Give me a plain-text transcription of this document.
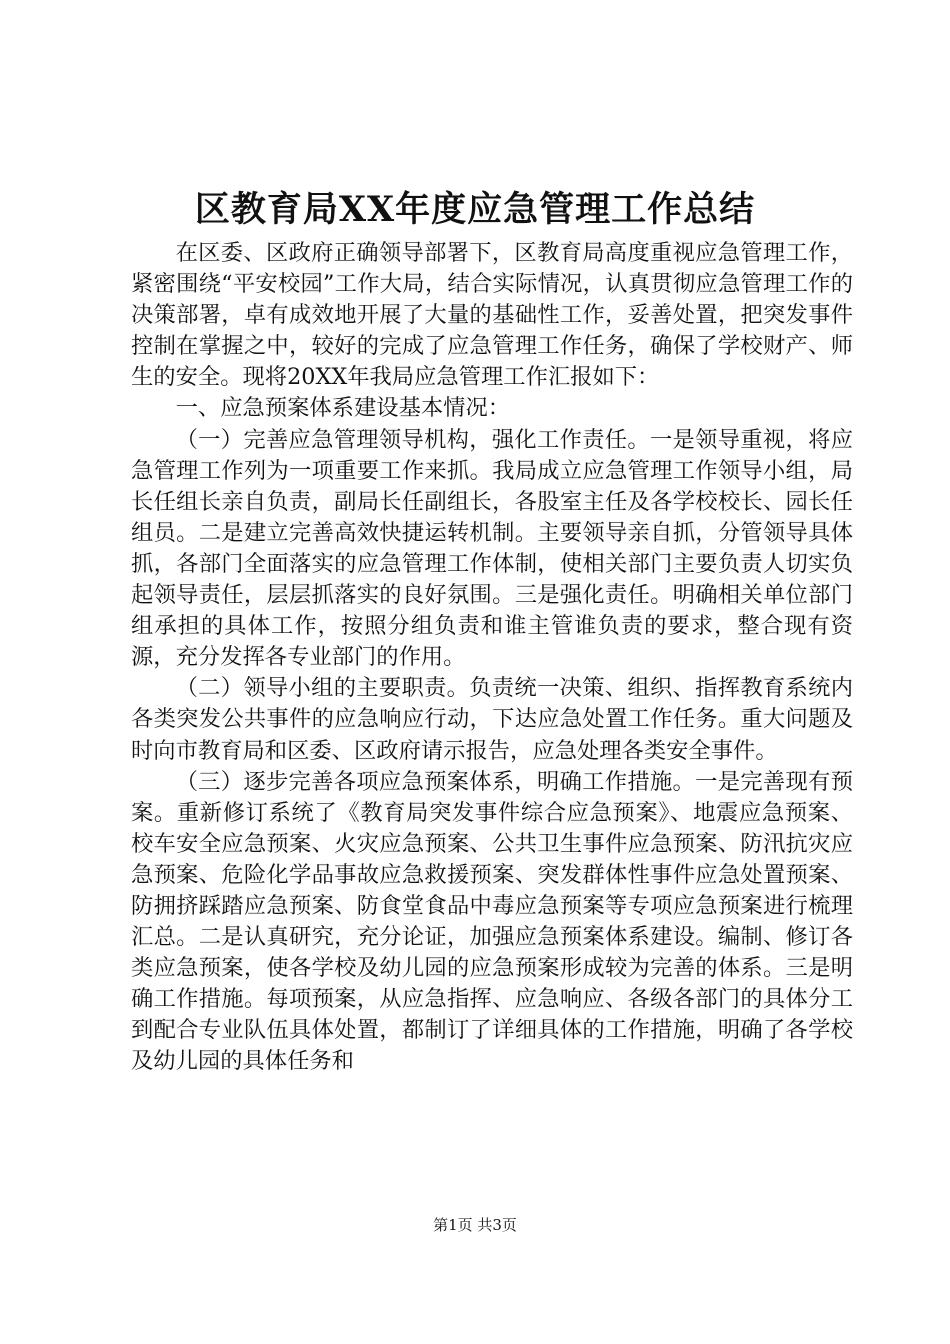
区教育局XX年度应急管理工作总结

在区委、区政府正确领导部署下，区教育局高度重视应急管理工作，紧密围绕“平安校园”工作大局，结合实际情况，认真贯彻应急管理工作的决策部署，卓有成效地开展了大量的基础性工作，妥善处置，把突发事件控制在掌握之中，较好的完成了应急管理工作任务，确保了学校财产、师生的安全。现将20XX年我局应急管理工作汇报如下：

一、应急预案体系建设基本情况：

（一）完善应急管理领导机构，强化工作责任。一是领导重视，将应急管理工作列为一项重要工作来抓。我局成立应急管理工作领导小组，局长任组长亲自负责，副局长任副组长，各股室主任及各学校校长、园长任组员。二是建立完善高效快捷运转机制。主要领导亲自抓，分管领导具体抓，各部门全面落实的应急管理工作体制，使相关部门主要负责人切实负起领导责任，层层抓落实的良好氛围。三是强化责任。明确相关单位部门组承担的具体工作，按照分组负责和谁主管谁负责的要求，整合现有资源，充分发挥各专业部门的作用。

（二）领导小组的主要职责。负责统一决策、组织、指挥教育系统内各类突发公共事件的应急响应行动，下达应急处置工作任务。重大问题及时向市教育局和区委、区政府请示报告，应急处理各类安全事件。

（三）逐步完善各项应急预案体系，明确工作措施。一是完善现有预案。重新修订系统了《教育局突发事件综合应急预案》、地震应急预案、校车安全应急预案、火灾应急预案、公共卫生事件应急预案、防汛抗灾应急预案、危险化学品事故应急救援预案、突发群体性事件应急处置预案、防拥挤踩踏应急预案、防食堂食品中毒应急预案等专项应急预案进行梳理汇总。二是认真研究，充分论证，加强应急预案体系建设。编制、修订各类应急预案，使各学校及幼儿园的应急预案形成较为完善的体系。三是明确工作措施。每项预案，从应急指挥、应急响应、各级各部门的具体分工到配合专业队伍具体处置，都制订了详细具体的工作措施，明确了各学校及幼儿园的具体任务和

第1页 共3页
